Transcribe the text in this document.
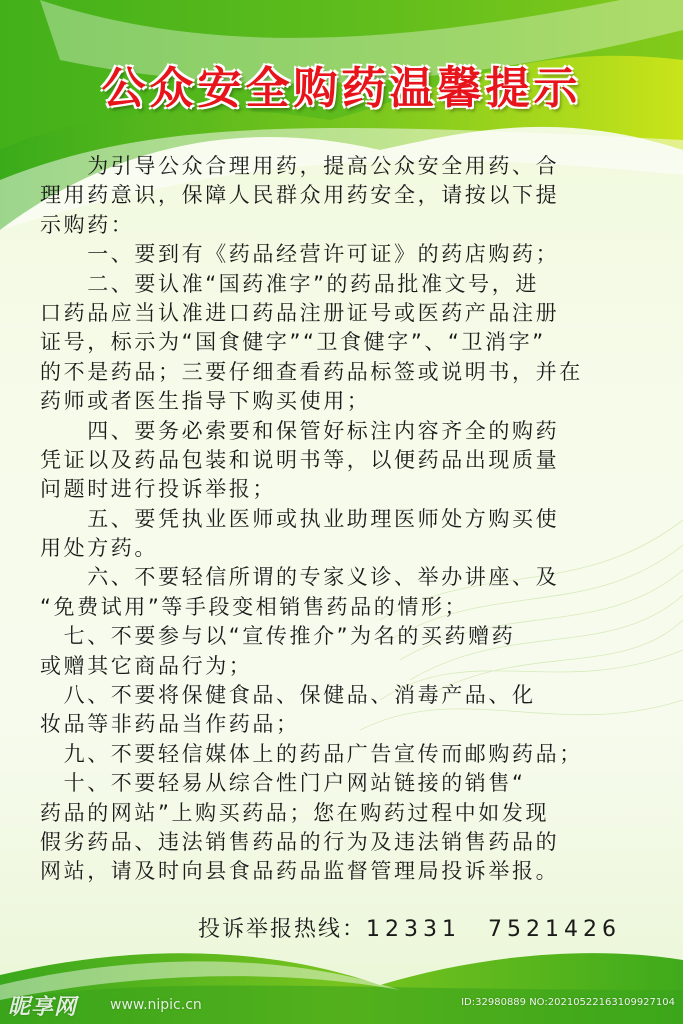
公众安全购药温馨提示
　　为引导公众合理用药，提高公众安全用药、合
理用药意识，保障人民群众用药安全，请按以下提
示购药：
　　一、要到有《药品经营许可证》的药店购药；
　　二、要认准“国药准字”的药品批准文号，进
口药品应当认准进口药品注册证号或医药产品注册
证号，标示为“国食健字”“卫食健字”、“卫消字”
的不是药品；三要仔细查看药品标签或说明书，并在
药师或者医生指导下购买使用；
　　四、要务必索要和保管好标注内容齐全的购药
凭证以及药品包装和说明书等，以便药品出现质量
问题时进行投诉举报；
　　五、要凭执业医师或执业助理医师处方购买使
用处方药。
　　六、不要轻信所谓的专家义诊、举办讲座、及
“免费试用”等手段变相销售药品的情形；
　七、不要参与以“宣传推介”为名的买药赠药
或赠其它商品行为；
　八、不要将保健食品、保健品、消毒产品、化
妆品等非药品当作药品；
　九、不要轻信媒体上的药品广告宣传而邮购药品；
　十、不要轻易从综合性门户网站链接的销售“
药品的网站”上购买药品；您在购药过程中如发现
假劣药品、违法销售药品的行为及违法销售药品的
网站，请及时向县食品药品监督管理局投诉举报。
投诉举报热线：12331 7521426
昵享网 www.nipic.cn	ID:32980889 NO:20210522163109927104
